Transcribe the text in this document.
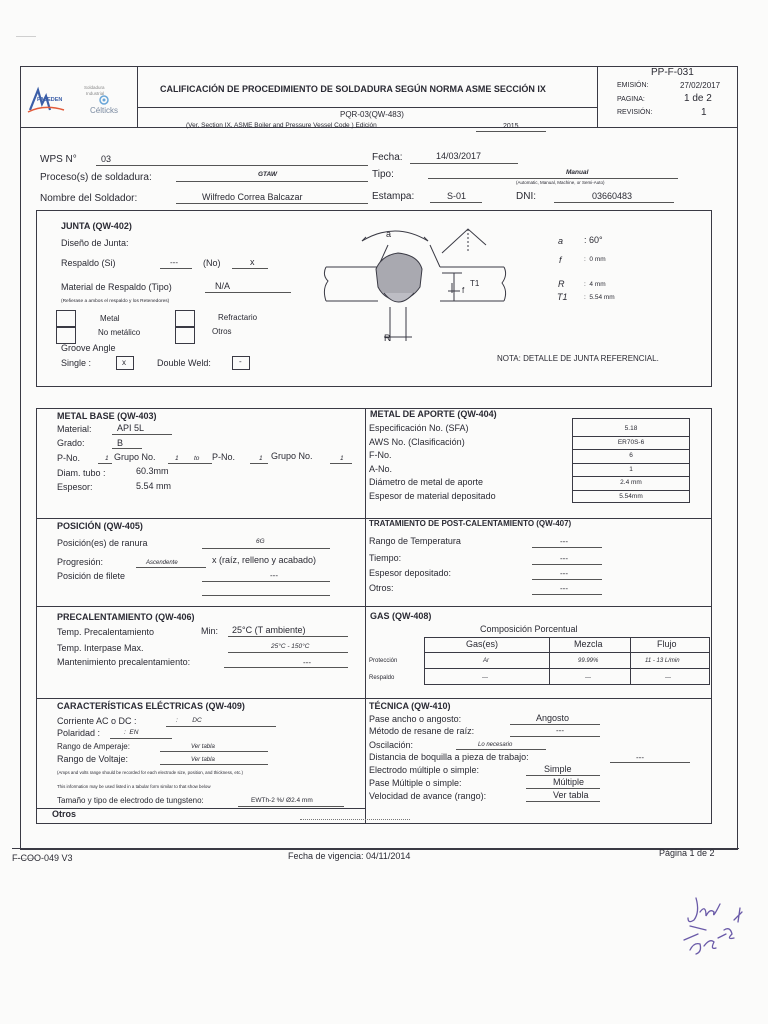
FAJEDEN
Célticks
Soldadura
Industrial	CALIFICACIÓN DE PROCEDIMIENTO DE SOLDADURA SEGÚN NORMA ASME SECCIÓN IX
PQR-03(QW-483)
(Ver, Section IX, ASME Boiler and Pressure Vessel Code ) Edición	2015
PP-F-031
EMISIÓN:	27/02/2017
PAGINA:	1 de 2
REVISIÓN:	1
WPS N°	03	Fecha:	14/03/2017
Proceso(s) de soldadura:	GTAW	Tipo:	Manual
(Automatic, Manual, Machine, or Semi-Auto)
Nombre del Soldador:	Wilfredo Correa Balcazar	Estampa:	S-01	DNI:	03660483
JUNTA (QW-402)
Diseño de Junta:
Respaldo (Si)	---	(No)	x
Material de Respaldo (Tipo)	N/A
(Refierase a ambos el respaldo y los Retenedores)
Metal
No metálico
Refractario
Otros
Groove Angle
Single :	x	Double Weld:	-
a
f
T1
R
a : 60°
f	:  0 mm
R	:  4 mm
T1	:  5.54 mm
NOTA: DETALLE DE JUNTA REFERENCIAL.
METAL BASE (QW-403)
Material:	API 5L
Grado:	B
P-No.	1 Grupo No.	1 to P-No.	1 Grupo No.	1
Diam. tubo :	60.3mm
Espesor:	5.54 mm
METAL DE APORTE (QW-404)
Especificación No. (SFA)	5.18
AWS No. (Clasificación)	ER70S-6
F-No.	6
A-No.	1
Diámetro de metal de aporte	2.4 mm
Espesor de material depositado	5.54mm
POSICIÓN (QW-405)
Posición(es) de ranura	6G
Progresión:	Ascendente	x (raíz, relleno y acabado)
Posición de filete	---
TRATAMIENTO DE POST-CALENTAMIENTO (QW-407)
Rango de Temperatura	---
Tiempo:	---
Espesor depositado:	---
Otros:	---
PRECALENTAMIENTO (QW-406)
Temp. Precalentamiento	Min: 25°C (T ambiente)
Temp. Interpase Max.	25°C - 150°C
Mantenimiento precalentamiento:	---
GAS (QW-408)
Composición Porcentual
Gas(es)	Mezcla	Flujo
Protección	Ar	99.99%	11 - 13 L/min
Respaldo	---	---	---
CARACTERÍSTICAS ELÉCTRICAS (QW-409)
Corriente AC o DC :	:        DC
Polaridad :	:  EN
Rango de Amperaje:	Ver tabla
Rango de Voltaje:	Ver tabla
(Amps and volts range should be recorded for each electrode size, position, and thickness, etc.)
This information may be used listed in a tabular form similar to that show below
Tamaño y tipo de electrodo de tungsteno:	EWTh-2 %/ Ø2.4 mm
Otros
TÉCNICA (QW-410)
Pase ancho o angosto:	Angosto
Método de resane de raíz:	---
Oscilación:	Lo necesario
Distancia de boquilla a pieza de trabajo:	---
Electrodo múltiple o simple:	Simple
Pase Múltiple o simple:	Múltiple
Velocidad de avance (rango):	Ver tabla
F-COO-049 V3	Fecha de vigencia: 04/11/2014	Página 1 de 2
